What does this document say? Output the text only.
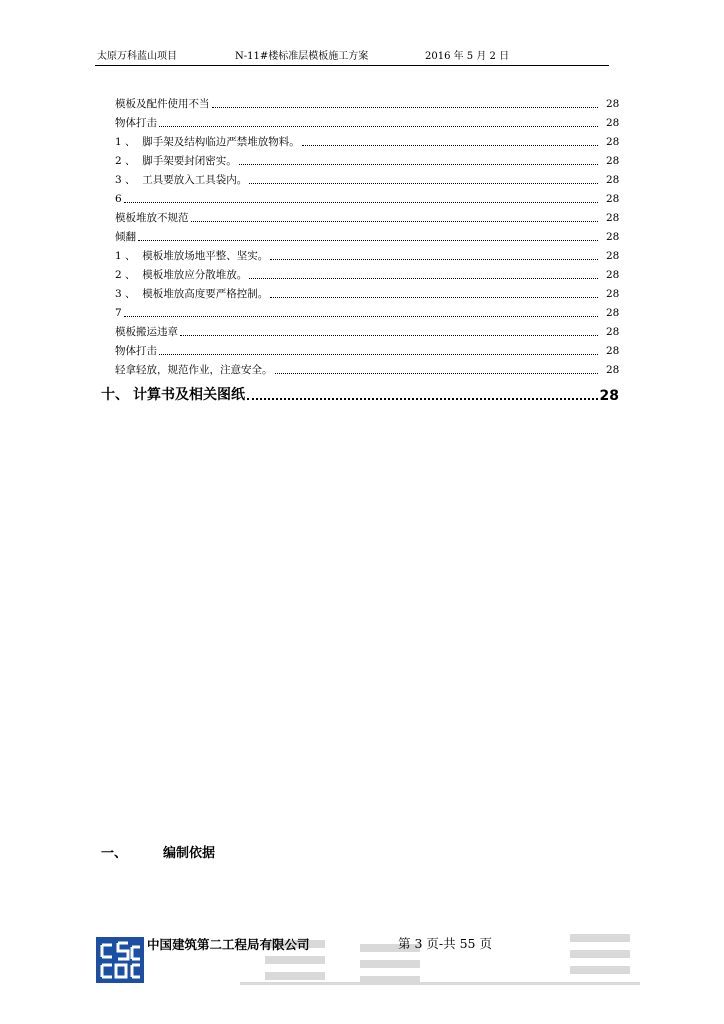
太原万科蓝山项目	N-11#楼标准层模板施工方案	2016 年 5 月 2 日
模板及配件使用不当	28
物体打击	28
1 、  脚手架及结构临边严禁堆放物料。	28
2 、  脚手架要封闭密实。	28
3 、  工具要放入工具袋内。	28
6	28
模板堆放不规范	28
倾翻	28
1 、  模板堆放场地平整、坚实。	28
2 、  模板堆放应分散堆放。	28
3 、  模板堆放高度要严格控制。	28
7	28
模板搬运违章	28
物体打击	28
轻拿轻放，规范作业，注意安全。	28
十、 计算书及相关图纸	28
一、	编制依据
中国建筑第二工程局有限公司	第 3 页-共 55 页
